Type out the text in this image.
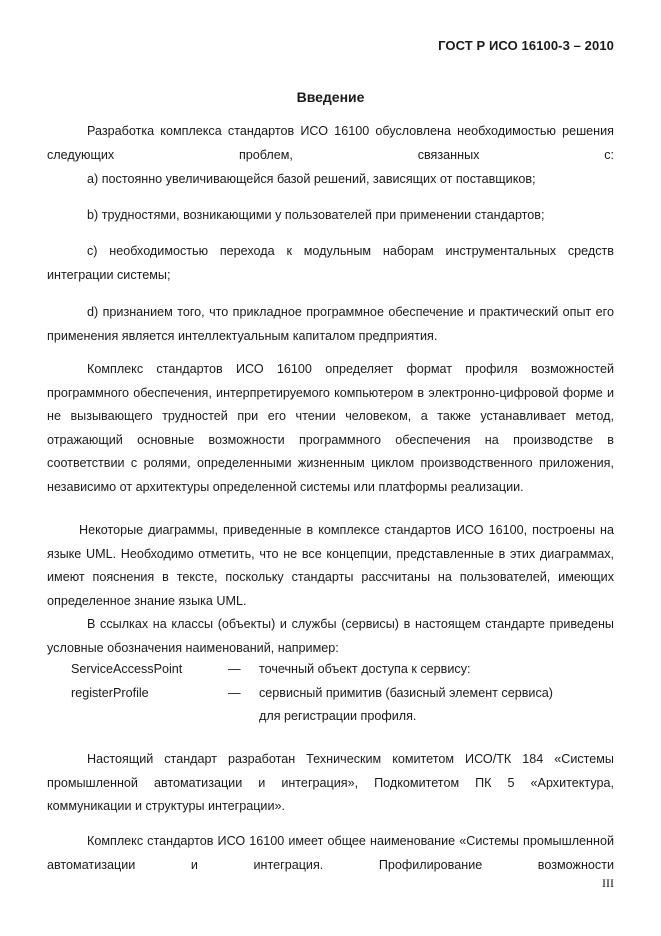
ГОСТ Р ИСО 16100-3 – 2010
Введение

Разработка комплекса стандартов ИСО 16100 обусловлена необходимостью решения следующих проблем, связанных с:

a) постоянно увеличивающейся базой решений, зависящих от поставщиков;

b) трудностями, возникающими у пользователей при применении стандартов;

c) необходимостью перехода к модульным наборам инструментальных средств интеграции системы;

d) признанием того, что прикладное программное обеспечение и практический опыт его применения является интеллектуальным капиталом предприятия.

Комплекс стандартов ИСО 16100 определяет формат профиля возможностей программного обеспечения, интерпретируемого компьютером в электронно-цифровой форме и не вызывающего трудностей при его чтении человеком, а также устанавливает метод, отражающий основные возможности программного обеспечения на производстве в соответствии с ролями, определенными жизненным циклом производственного приложения, независимо от архитектуры определенной системы или платформы реализации.

Некоторые диаграммы, приведенные в комплексе стандартов ИСО 16100, построены на языке UML. Необходимо отметить, что не все концепции, представленные в этих диаграммах, имеют пояснения в тексте, поскольку стандарты рассчитаны на пользователей, имеющих определенное знание языка UML.

В ссылках на классы (объекты) и службы (сервисы) в настоящем стандарте приведены условные обозначения наименований, например:

ServiceAccessPoint	— точечный объект доступа к сервису:
registerProfile	— сервисный примитив (базисный элемент сервиса)
для регистрации профиля.

Настоящий стандарт разработан Техническим комитетом ИСО/ТК 184 «Системы промышленной автоматизации и интеграция», Подкомитетом ПК 5 «Архитектура, коммуникации и структуры интеграции».

Комплекс стандартов ИСО 16100 имеет общее наименование «Системы промышленной автоматизации и интеграция. Профилирование возможности

III
